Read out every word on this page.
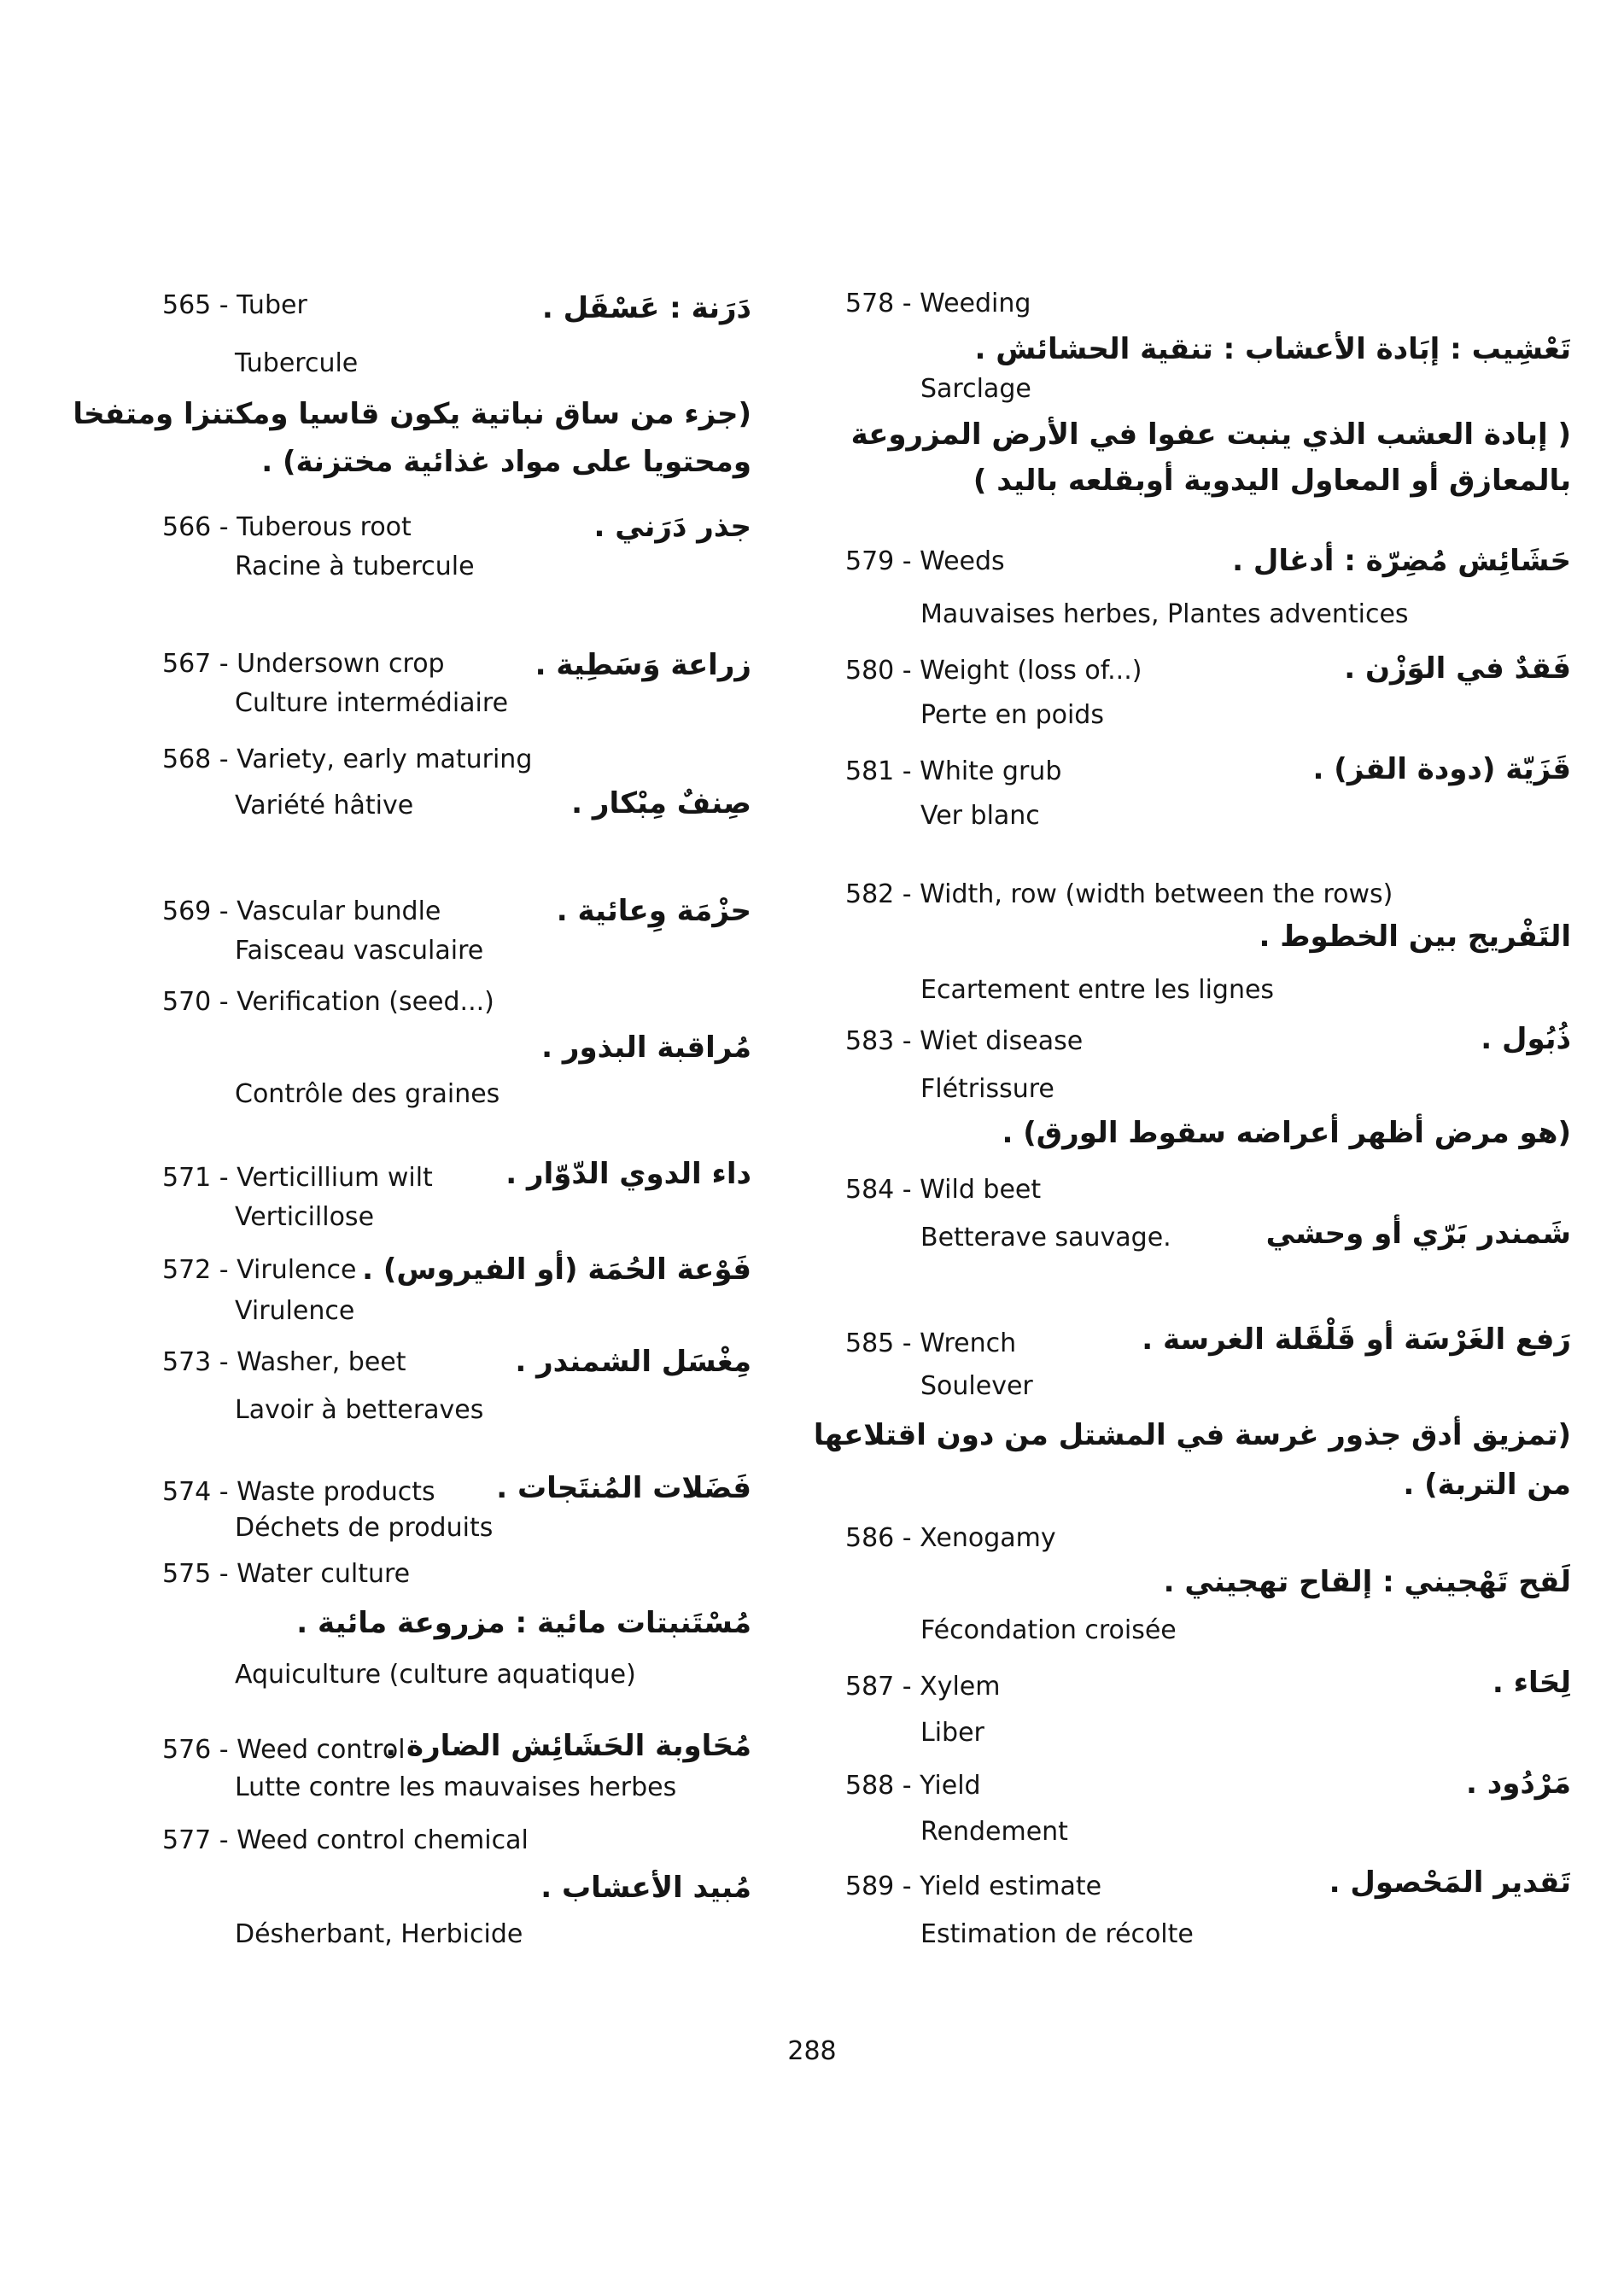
565 - Tuber	دَرَنة : عَسْقَل .
Tubercule
(جزء من ساق نباتية يكون قاسيا ومكتنزا ومتفخا
ومحتويا على مواد غذائية مختزنة) .
566 - Tuberous root	جذر دَرَني .
Racine à tubercule
567 - Undersown crop	زراعة وَسَطِية .
Culture intermédiaire
568 - Variety, early maturing
Variété hâtive	صِنفٌ مِبْكار .
569 - Vascular bundle	حزْمَة وِعائية .
Faisceau vasculaire
570 - Verification (seed...)
مُراقبة البذور .
Contrôle des graines
571 - Verticillium wilt	داء الدوي الدّوّار .
Verticillose
572 - Virulence فَوْعة الحُمَة (أو الفيروس) .
Virulence
573 - Washer, beet	مِغْسَل الشمندر .
Lavoir à betteraves
574 - Waste products فَضَلات المُنتَجات .
Déchets de produits
575 - Water culture
مُسْتَنبتات مائية : مزروعة مائية .
Aquiculture (culture aquatique)
576 - Weed control
مُحَاوبة الحَشَائِش الضارة .
Lutte contre les mauvaises herbes
577 - Weed control chemical
مُبيد الأعشاب .
Désherbant, Herbicide
578 - Weeding
تَعْشِيب : إبَادة الأعشاب : تنقية الحشائش .
Sarclage
( إبادة العشب الذي ينبت عفوا في الأرض المزروعة
بالمعازق أو المعاول اليدوية أوبقلعه باليد )
579 - Weeds	حَشَائِش مُضِرّة : أدغال .
Mauvaises herbes, Plantes adventices
580 - Weight (loss of...)	فَقدٌ في الوَزْن .
Perte en poids
581 - White grub	قَزَيّة (دودة القز) .
Ver blanc
582 - Width, row (width between the rows)
التَفْريج بين الخطوط .
Ecartement entre les lignes
583 - Wiet disease	ذُبُول .
Flétrissure
(هو مرض أظهر أعراضه سقوط الورق) .
584 - Wild beet
Betterave sauvage.	شَمندر بَرّي أو وحشي
585 - Wrench	رَفع الغَرْسَة أو قَلْقَلة الغرسة .
Soulever
(تمزيق أدق جذور غرسة في المشتل من دون اقتلاعها
من التربة) .
586 - Xenogamy
لَقح تَهْجيني : إلقاح تهجيني .
Fécondation croisée
587 - Xylem	لِحَاء .
Liber
588 - Yield	مَرْدُود .
Rendement
589 - Yield estimate	تَقدير المَحْصول .
Estimation de récolte
288
